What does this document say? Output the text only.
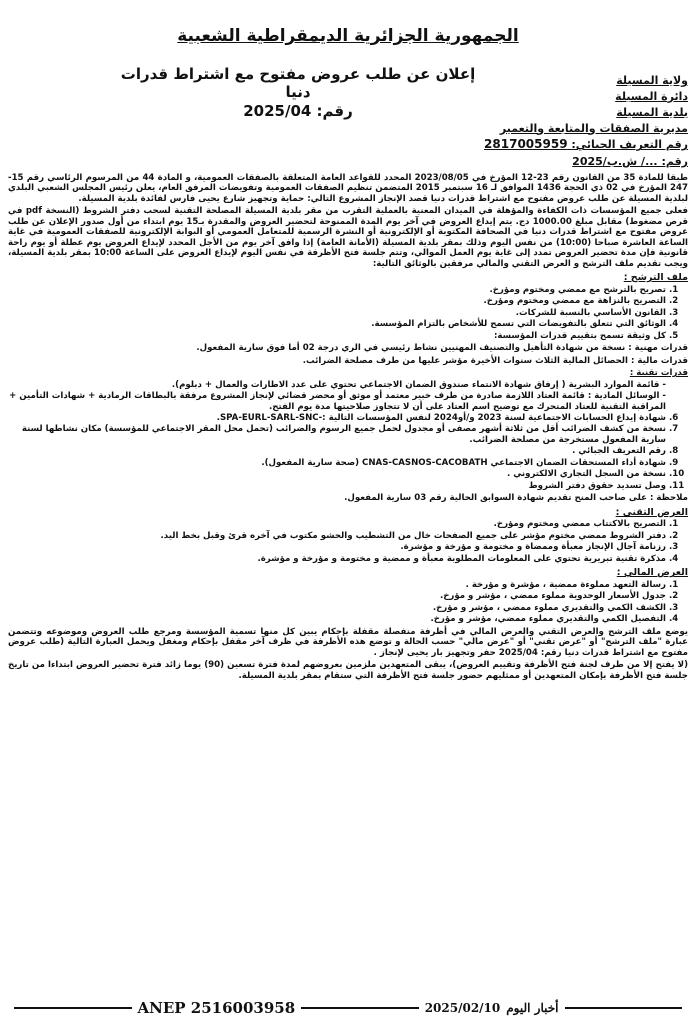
الجمهورية الجزائرية الديمقراطية الشعبية
ولاية المسيلة
دائرة المسيلة
بلدية المسيلة
مديرية الصفقات والمتابعة والتعمير
رقم التعريف الجبائي: 2817005959
رقم: .../ ش.ب/2025
إعلان عن طلب عروض مفتوح مع اشتراط قدرات دنيا
رقم: 2025/04

طبقا للمادة 35 من القانون رقم 23-12 المؤرخ في 2023/08/05 المحدد للقواعد العامة المتعلقة بالصفقات العمومية، و المادة 44 من المرسوم الرئاسي رقم 15-247 المؤرخ في 02 ذي الحجة 1436 الموافق لـ 16 سبتمبر 2015 المتضمن تنظيم الصفقات العمومية وتفويضات المرفق العام، يعلن رئيس المجلس الشعبي البلدي لبلدية المسيلة عن طلب عروض مفتوح مع اشتراط قدرات دنيا قصد الإنجاز المشروع التالي: حماية وتجهيز شارع يحيى فارس لفائدة بلدية المسيلة.

فعلى جميع المؤسسات ذات الكفاءة والمؤهلة في الميدان المعنية بالعملية التقرب من مقر بلدية المسيلة المصلحة التقنية لسحب دفتر الشروط (النسخة pdf في قرص مضغوط) مقابل مبلغ 1000.00 دج. يتم إيداع العروض في آخر يوم المدة الممنوحة لتحضير العروض والمقدرة بـ15 يوم ابتداء من أول صدور الإعلان عن طلب عروض مفتوح مع اشتراط قدرات دنيا في الصحافة المكتوبة أو الإلكترونية أو النشرة الرسمية للمتعامل العمومي أو البوابة الإلكترونية للصفقات العمومية في غاية الساعة العاشرة صباحا (10:00) من نفس اليوم وذلك بمقر بلدية المسيلة (الأمانة العامة) إذا وافق آخر يوم من الأجل المحدد لإيداع العروض يوم عطلة أو يوم راحة قانونية فإن مدة تحضير العروض تمدد إلى غاية يوم العمل الموالي، وتتم جلسة فتح الأظرفة في نفس اليوم لإيداع العروض على الساعة 10:00 بمقر بلدية المسيلة، ويجب تقديم ملف الترشح و العرض التقني والمالي مرفقين بالوثائق التالية:

ملف الترشح :
1. تصريح بالترشح مع ممضي ومختوم ومؤرخ.
2. التصريح بالنزاهة مع ممضي ومختوم ومؤرخ.
3. القانون الأساسي بالنسبة للشركات.
4. الوثائق التي تتعلق بالتفويضات التي تسمح للأشخاص بالتزام المؤسسة.
5. كل وثيقة تسمح بتقييم قدرات المؤسسة:

قدرات مهنية : نسخة من شهادة التأهيل والتصنيف المهنيين نشاط رئيسي في الري درجة 02 أما فوق سارية المفعول.

قدرات مالية : الحصائل المالية الثلاث سنوات الأخيرة مؤشر عليها من طرف مصلحة الضرائب.

قدرات تقنية :
- قائمة الموارد البشرية ( إرفاق شهادة الانتماء صندوق الضمان الاجتماعي تحتوي على عدد الاطارات والعمال + دبلوم).
- الوسائل المادية : قائمة العتاد اللازمة صادرة من طرف خبير معتمد أو موثق أو محضر قضائي لإنجاز المشروع مرفقة بالبطاقات الرمادية + شهادات التأمين + المراقبة التقنية للعتاد المتحرك مع توضيح اسم العتاد على أن لا تتجاوز صلاحيتها مدة يوم الفتح.
6. شهادة إيداع الحسابات الاجتماعية لسنة 2023 و/أو2024 لنفس المؤسسات التالية :-SPA-EURL-SARL-SNC.
7. نسخة من كشف الضرائب أقل من ثلاثة أشهر مصفى أو مجدول لحمل جميع الرسوم والضرائب (تحمل محل المقر الاجتماعي للمؤسسة) مكان نشاطها لسنة سارية المفعول مستخرجة من مصلحة الضرائب.
8. رقم التعريف الجبائي .
9. شهادة أداء المستحقات الضمان الاجتماعي CNAS-CASNOS-CACOBATH (صحة سارية المفعول).
10. نسخة من السجل التجاري الالكتروني .
11. وصل تسديد حقوق دفتر الشروط

ملاحظة : على صاحب المنح تقديم شهادة السوابق الحالية رقم 03 سارية المفعول.

العرض التقني :
1. التصريح بالاكتتاب ممضي ومختوم ومؤرخ.
2. دفتر الشروط ممضي مختوم مؤشر على جميع الصفحات خال من التشطيب والحشو مكتوب في آخره قرئ وقبل بخط اليد.
3. رزنامة آجال الإنجاز معبأة وممضاة و مختومة و مؤرخة و مؤشرة.
4. مذكرة تقنية تبريرية تحتوي على المعلومات المطلوبة معبأة و ممضية و مختومة و مؤرخة و مؤشرة.
العرض المالي :
1. رسالة التعهد مملوءة ممضية ، مؤشرة و مؤرخة .
2. جدول الأسعار الوحدوية مملوء ممضي ، مؤشر و مؤرخ.
3. الكشف الكمي والتقديري مملوء ممضي ، مؤشر و مؤرخ.
4. التفصيل الكمي والتقديري مملوء ممضي، مؤشر و مؤرخ.

يوضع ملف الترشح والعرض التقني والعرض المالي في أظرفة منفصلة مقفلة بإحكام يبين كل منها تسمية المؤسسة ومرجع طلب العروض وموضوعه وتتضمن عبارة "ملف الترشح" أو "عرض تقني" أو "عرض مالي" حسب الحالة و توضع هذه الأظرفة في ظرف آخر مقفل بإحكام ومغفل ويحمل العبارة التالية (طلب عروض مفتوح مع اشتراط قدرات دنيا رقم: 2025/04 حفر وتجهيز بار يحيى لإنجاز .

(لا يفتح إلا من طرف لجنة فتح الأظرفة وتقييم العروض)، يبقى المتعهدين ملزمين بعروضهم لمدة فترة تسعين (90) يوما زائد فترة تحضير العروض ابتداءا من تاريخ جلسة فتح الأظرفة بإمكان المتعهدين أو ممثليهم حضور جلسة فتح الأظرفة التي ستقام بمقر بلدية المسيلة.

ANEP 2516003958	2025/02/10 أخبار اليوم
